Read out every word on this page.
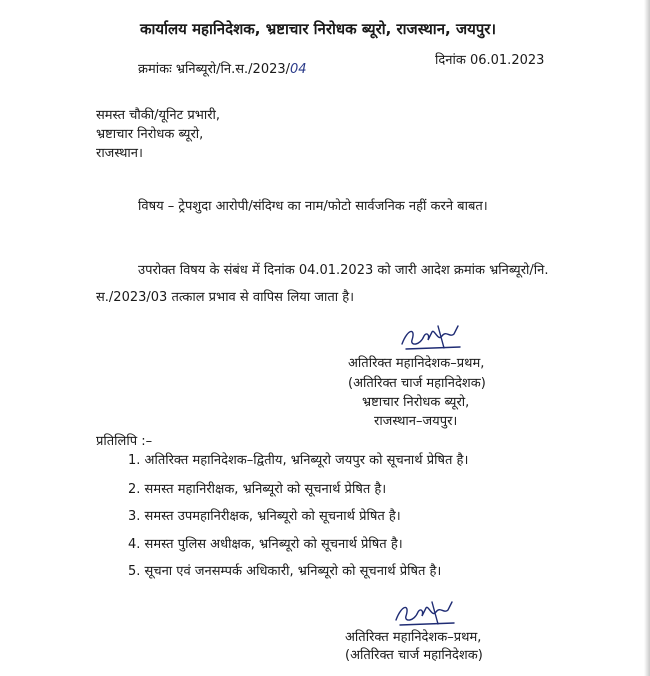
कार्यालय महानिदेशक, भ्रष्टाचार निरोधक ब्यूरो, राजस्थान, जयपुर।
क्रमांकः भ्रनिब्यूरो/नि.स./2023/04
दिनांक 06.01.2023
समस्त चौकी/यूनिट प्रभारी,
भ्रष्टाचार निरोधक ब्यूरो,
राजस्थान।
विषय – ट्रेपशुदा आरोपी/संदिग्ध का नाम/फोटो सार्वजनिक नहीं करने बाबत।
उपरोक्त विषय के संबंध में दिनांक 04.01.2023 को जारी आदेश क्रमांक भ्रनिब्यूरो/नि.
स./2023/03 तत्काल प्रभाव से वापिस लिया जाता है।
अतिरिक्त महानिदेशक–प्रथम,
(अतिरिक्त चार्ज महानिदेशक)
भ्रष्टाचार निरोधक ब्यूरो,
राजस्थान–जयपुर।
प्रतिलिपि :–
1. अतिरिक्त महानिदेशक–द्वितीय, भ्रनिब्यूरो जयपुर को सूचनार्थ प्रेषित है।
2. समस्त महानिरीक्षक, भ्रनिब्यूरो को सूचनार्थ प्रेषित है।
3. समस्त उपमहानिरीक्षक, भ्रनिब्यूरो को सूचनार्थ प्रेषित है।
4. समस्त पुलिस अधीक्षक, भ्रनिब्यूरो को सूचनार्थ प्रेषित है।
5. सूचना एवं जनसम्पर्क अधिकारी, भ्रनिब्यूरो को सूचनार्थ प्रेषित है।
अतिरिक्त महानिदेशक–प्रथम,
(अतिरिक्त चार्ज महानिदेशक)
